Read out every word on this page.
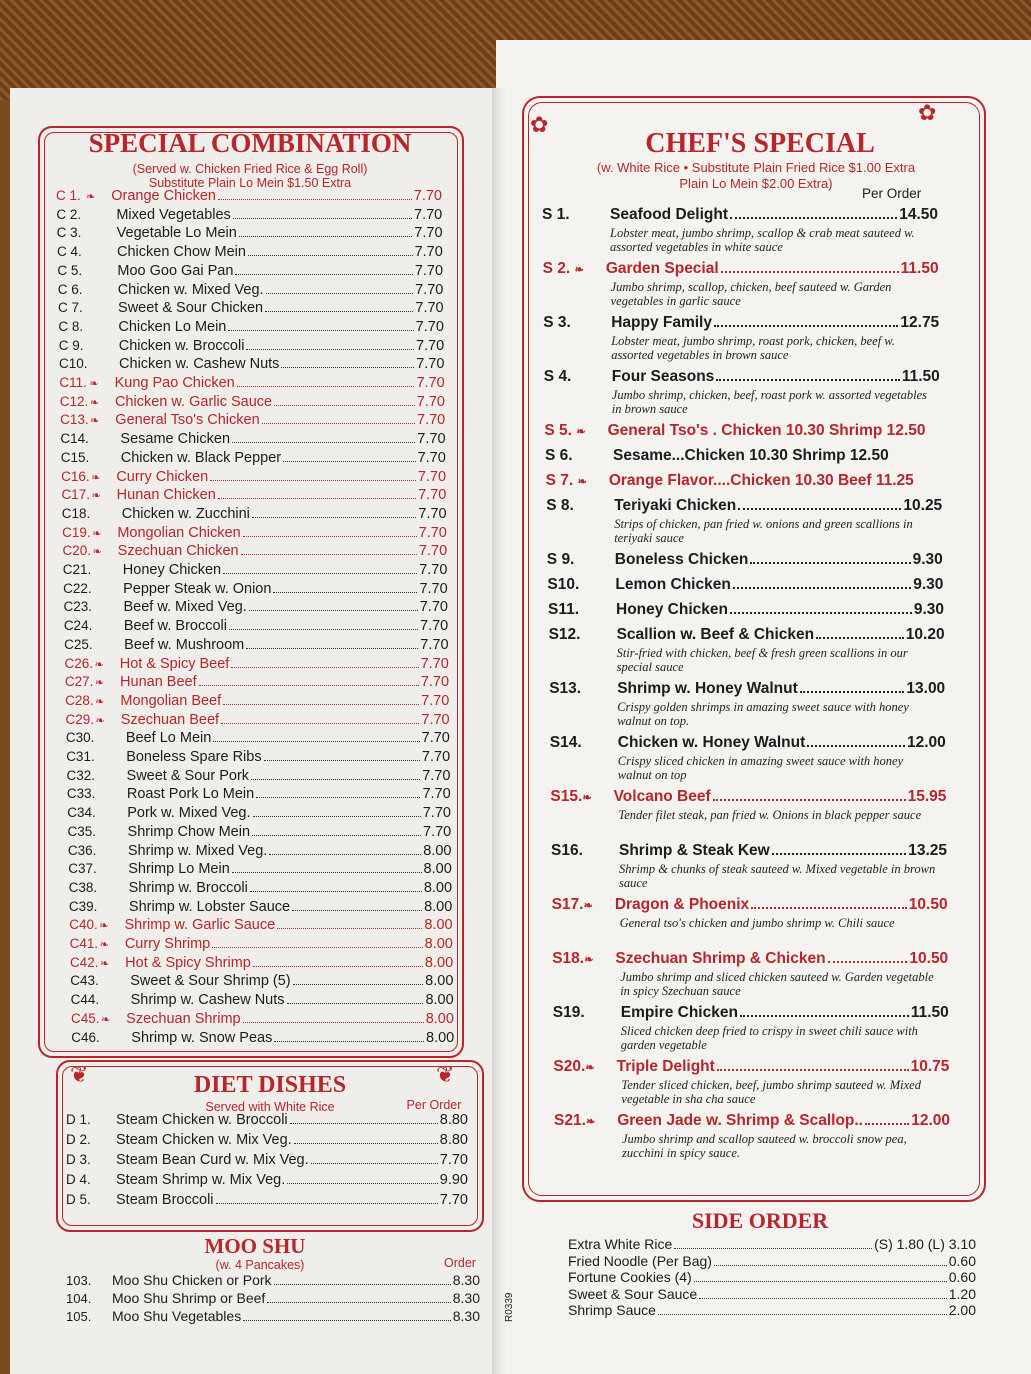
SPECIAL COMBINATION
(Served w. Chicken Fried Rice & Egg Roll)
Substitute Plain Lo Mein $1.50 Extra
C 1. ❧ Orange Chicken	7.70
C 2.	Mixed Vegetables	7.70
C 3.	Vegetable Lo Mein	7.70
C 4.	Chicken Chow Mein	7.70
C 5.	Moo Goo Gai Pan	7.70
C 6.	Chicken w. Mixed Veg.	7.70
C 7.	Sweet & Sour Chicken	7.70
C 8.	Chicken Lo Mein	7.70
C 9.	Chicken w. Broccoli	7.70
C10.	Chicken w. Cashew Nuts	7.70
C11. ❧ Kung Pao Chicken	7.70
C12. ❧ Chicken w. Garlic Sauce	7.70
C13. ❧ General Tso's Chicken	7.70
C14.	Sesame Chicken	7.70
C15.	Chicken w. Black Pepper	7.70
C16. ❧ Curry Chicken	7.70
C17. ❧ Hunan Chicken	7.70
C18.	Chicken w. Zucchini	7.70
C19. ❧ Mongolian Chicken	7.70
C20. ❧ Szechuan Chicken	7.70
C21.	Honey Chicken	7.70
C22.	Pepper Steak w. Onion	7.70
C23.	Beef w. Mixed Veg.	7.70
C24.	Beef w. Broccoli	7.70
C25.	Beef w. Mushroom	7.70
C26. ❧ Hot & Spicy Beef	7.70
C27. ❧ Hunan Beef	7.70
C28. ❧ Mongolian Beef	7.70
C29. ❧ Szechuan Beef	7.70
C30.	Beef Lo Mein	7.70
C31.	Boneless Spare Ribs	7.70
C32.	Sweet & Sour Pork	7.70
C33.	Roast Pork Lo Mein	7.70
C34.	Pork w. Mixed Veg.	7.70
C35.	Shrimp Chow Mein	7.70
C36.	Shrimp w. Mixed Veg.	8.00
C37.	Shrimp Lo Mein	8.00
C38.	Shrimp w. Broccoli	8.00
C39.	Shrimp w. Lobster Sauce	8.00
C40. ❧ Shrimp w. Garlic Sauce	8.00
C41. ❧ Curry Shrimp	8.00
C42. ❧ Hot & Spicy Shrimp	8.00
C43.	Sweet & Sour Shrimp (5)	8.00
C44.	Shrimp w. Cashew Nuts	8.00
C45. ❧ Szechuan Shrimp	8.00
C46.	Shrimp w. Snow Peas	8.00
❦	❦
DIET DISHES
Served with White Rice	Per Order
D 1.	Steam Chicken w. Broccoli	8.80
D 2.	Steam Chicken w. Mix Veg.	8.80
D 3.	Steam Bean Curd w. Mix Veg.	7.70
D 4.	Steam Shrimp w. Mix Veg.	9.90
D 5.	Steam Broccoli	7.70
MOO SHU
(w. 4 Pancakes)	Order
103.	Moo Shu Chicken or Pork	8.30
104.	Moo Shu Shrimp or Beef	8.30
105.	Moo Shu Vegetables	8.30 R0339
✿	✿
CHEF'S SPECIAL
(w. White Rice • Substitute Plain Fried Rice $1.00 Extra
Plain Lo Mein $2.00 Extra)
Per Order
S 1.	Seafood Delight	14.50
Lobster meat, jumbo shrimp, scallop & crab meat sauteed w. assorted vegetables in white sauce
S 2. ❧ Garden Special	11.50
Jumbo shrimp, scallop, chicken, beef sauteed w. Garden vegetables in garlic sauce
S 3.	Happy Family	12.75
Lobster meat, jumbo shrimp, roast pork, chicken, beef w. assorted vegetables in brown sauce
S 4.	Four Seasons	11.50
Jumbo shrimp, chicken, beef, roast pork w. assorted vegetables in brown sauce
S 5. ❧ General Tso's . Chicken 10.30 Shrimp 12.50
S 6.	Sesame...Chicken 10.30 Shrimp 12.50
S 7. ❧ Orange Flavor....Chicken 10.30 Beef 11.25
S 8.	Teriyaki Chicken	10.25
Strips of chicken, pan fried w. onions and green scallions in teriyaki sauce
S 9.	Boneless Chicken	9.30
S10.	Lemon Chicken	9.30
S11.	Honey Chicken	9.30
S12.	Scallion w. Beef & Chicken	10.20
Stir-fried with chicken, beef & fresh green scallions in our special sauce
S13.	Shrimp w. Honey Walnut	13.00
Crispy golden shrimps in amazing sweet sauce with honey walnut on top.
S14.	Chicken w. Honey Walnut	12.00
Crispy sliced chicken in amazing sweet sauce with honey walnut on top
S15. ❧ Volcano Beef	15.95
Tender filet steak, pan fried w. Onions in black pepper sauce
S16.	Shrimp & Steak Kew	13.25
Shrimp & chunks of steak sauteed w. Mixed vegetable in brown sauce
S17. ❧ Dragon & Phoenix	10.50
General tso's chicken and jumbo shrimp w. Chili sauce
S18. ❧ Szechuan Shrimp & Chicken	10.50
Jumbo shrimp and sliced chicken sauteed w. Garden vegetable in spicy Szechuan sauce
S19.	Empire Chicken	11.50
Sliced chicken deep fried to crispy in sweet chili sauce with garden vegetable
S20. ❧ Triple Delight	10.75
Tender sliced chicken, beef, jumbo shrimp sauteed w. Mixed vegetable in sha cha sauce
S21. ❧ Green Jade w. Shrimp & Scallop..	12.00
Jumbo shrimp and scallop sauteed w. broccoli snow pea, zucchini in spicy sauce.
SIDE ORDER
Extra White Rice	(S) 1.80 (L) 3.10
Fried Noodle (Per Bag)	0.60
Fortune Cookies (4)	0.60
Sweet & Sour Sauce	1.20
Shrimp Sauce	2.00
